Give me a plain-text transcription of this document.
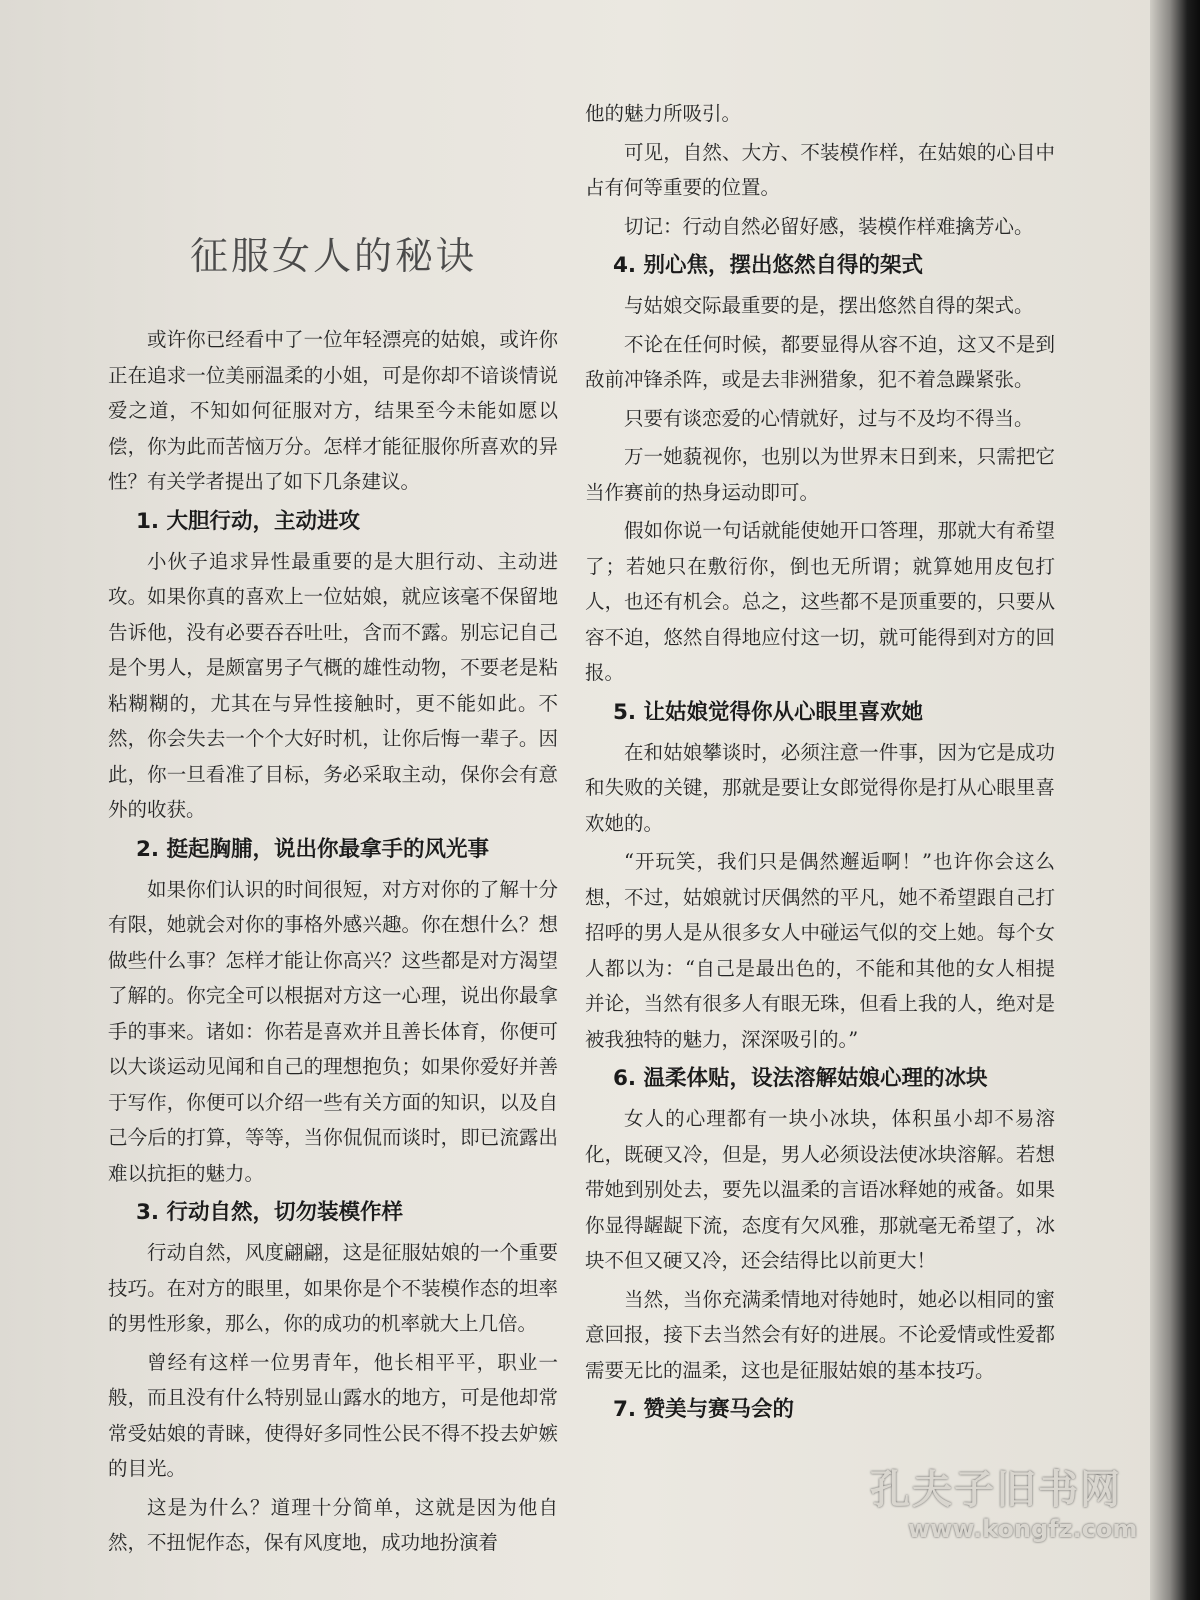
征服女人的秘诀

或许你已经看中了一位年轻漂亮的姑娘，或许你正在追求一位美丽温柔的小姐，可是你却不谙谈情说爱之道，不知如何征服对方，结果至今未能如愿以偿，你为此而苦恼万分。怎样才能征服你所喜欢的异性？有关学者提出了如下几条建议。

1. 大胆行动，主动进攻

小伙子追求异性最重要的是大胆行动、主动进攻。如果你真的喜欢上一位姑娘，就应该毫不保留地告诉他，没有必要吞吞吐吐，含而不露。别忘记自己是个男人，是颇富男子气概的雄性动物，不要老是粘粘糊糊的，尤其在与异性接触时，更不能如此。不然，你会失去一个个大好时机，让你后悔一辈子。因此，你一旦看准了目标，务必采取主动，保你会有意外的收获。

2. 挺起胸脯，说出你最拿手的风光事

如果你们认识的时间很短，对方对你的了解十分有限，她就会对你的事格外感兴趣。你在想什么？想做些什么事？怎样才能让你高兴？这些都是对方渴望了解的。你完全可以根据对方这一心理，说出你最拿手的事来。诸如：你若是喜欢并且善长体育，你便可以大谈运动见闻和自己的理想抱负；如果你爱好并善于写作，你便可以介绍一些有关方面的知识，以及自己今后的打算，等等，当你侃侃而谈时，即已流露出难以抗拒的魅力。

3. 行动自然，切勿装模作样

行动自然，风度翩翩，这是征服姑娘的一个重要技巧。在对方的眼里，如果你是个不装模作态的坦率的男性形象，那么，你的成功的机率就大上几倍。

曾经有这样一位男青年，他长相平平，职业一般，而且没有什么特别显山露水的地方，可是他却常常受姑娘的青睐，使得好多同性公民不得不投去妒嫉的目光。

这是为什么？道理十分简单，这就是因为他自然，不扭怩作态，保有风度地，成功地扮演着

他的魅力所吸引。

可见，自然、大方、不装模作样，在姑娘的心目中占有何等重要的位置。

切记：行动自然必留好感，装模作样难擒芳心。

4. 别心焦，摆出悠然自得的架式

与姑娘交际最重要的是，摆出悠然自得的架式。

不论在任何时候，都要显得从容不迫，这又不是到敌前冲锋杀阵，或是去非洲猎象，犯不着急躁紧张。

只要有谈恋爱的心情就好，过与不及均不得当。

万一她藐视你，也别以为世界末日到来，只需把它当作赛前的热身运动即可。

假如你说一句话就能使她开口答理，那就大有希望了；若她只在敷衍你，倒也无所谓；就算她用皮包打人，也还有机会。总之，这些都不是顶重要的，只要从容不迫，悠然自得地应付这一切，就可能得到对方的回报。

5. 让姑娘觉得你从心眼里喜欢她

在和姑娘攀谈时，必须注意一件事，因为它是成功和失败的关键，那就是要让女郎觉得你是打从心眼里喜欢她的。

“开玩笑，我们只是偶然邂逅啊！”也许你会这么想，不过，姑娘就讨厌偶然的平凡，她不希望跟自己打招呼的男人是从很多女人中碰运气似的交上她。每个女人都以为：“自己是最出色的，不能和其他的女人相提并论，当然有很多人有眼无珠，但看上我的人，绝对是被我独特的魅力，深深吸引的。”

6. 温柔体贴，设法溶解姑娘心理的冰块

女人的心理都有一块小冰块，体积虽小却不易溶化，既硬又冷，但是，男人必须设法使冰块溶解。若想带她到别处去，要先以温柔的言语冰释她的戒备。如果你显得龌龊下流，态度有欠风雅，那就毫无希望了，冰块不但又硬又冷，还会结得比以前更大！

当然，当你充满柔情地对待她时，她必以相同的蜜意回报，接下去当然会有好的进展。不论爱情或性爱都需要无比的温柔，这也是征服姑娘的基本技巧。

7. 赞美与赛马会的
孔夫子旧书网
www.kongfz.com
